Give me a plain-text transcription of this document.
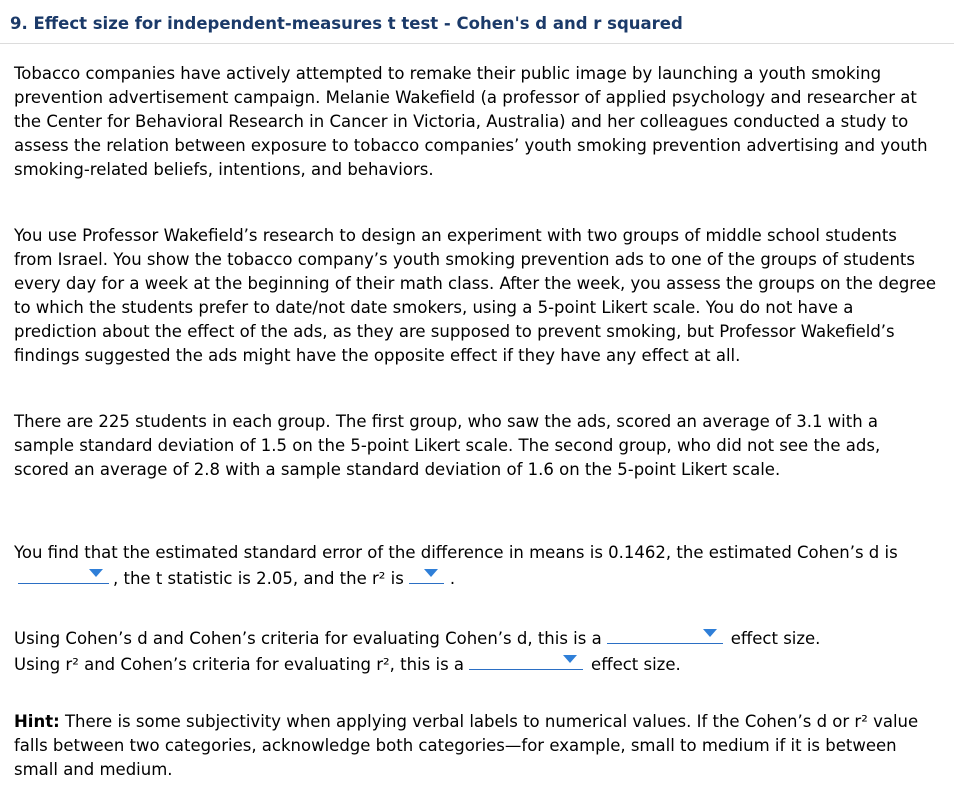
9. Effect size for independent-measures t test - Cohen's d and r squared

Tobacco companies have actively attempted to remake their public image by launching a youth smoking prevention advertisement campaign. Melanie Wakefield (a professor of applied psychology and researcher at the Center for Behavioral Research in Cancer in Victoria, Australia) and her colleagues conducted a study to assess the relation between exposure to tobacco companies’ youth smoking prevention advertising and youth smoking-related beliefs, intentions, and behaviors.

You use Professor Wakefield’s research to design an experiment with two groups of middle school students from Israel. You show the tobacco company’s youth smoking prevention ads to one of the groups of students every day for a week at the beginning of their math class. After the week, you assess the groups on the degree to which the students prefer to date/not date smokers, using a 5-point Likert scale. You do not have a prediction about the effect of the ads, as they are supposed to prevent smoking, but Professor Wakefield’s findings suggested the ads might have the opposite effect if they have any effect at all.

There are 225 students in each group. The first group, who saw the ads, scored an average of 3.1 with a sample standard deviation of 1.5 on the 5-point Likert scale. The second group, who did not see the ads, scored an average of 2.8 with a sample standard deviation of 1.6 on the 5-point Likert scale.

You find that the estimated standard error of the difference in means is 0.1462, the estimated Cohen’s d is
, the t statistic is 2.05, and the r² is	.

Using Cohen’s d and Cohen’s criteria for evaluating Cohen’s d, this is a	effect size.
Using r² and Cohen’s criteria for evaluating r², this is a	effect size.

Hint: There is some subjectivity when applying verbal labels to numerical values. If the Cohen’s d or r² value falls between two categories, acknowledge both categories—for example, small to medium if it is between small and medium.
